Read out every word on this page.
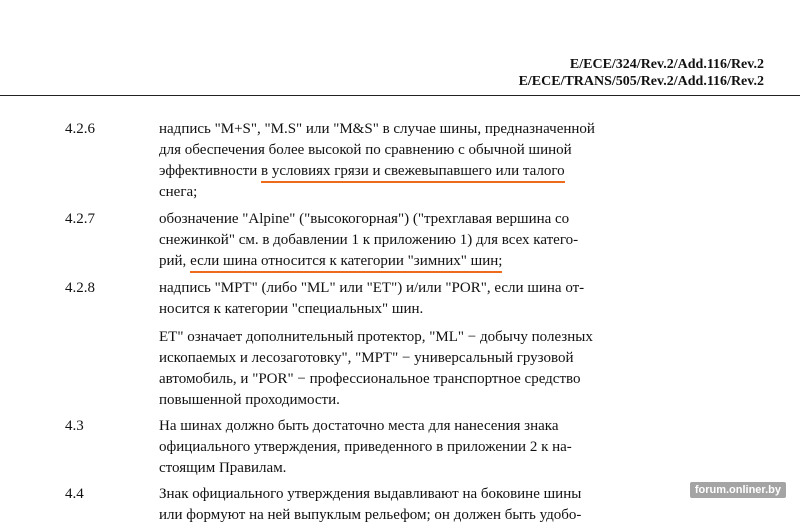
E/ECE/324/Rev.2/Add.116/Rev.2
E/ECE/TRANS/505/Rev.2/Add.116/Rev.2
4.2.6	надпись "M+S", "M.S" или "M&S" в случае шины, предназначенной
для обеспечения более высокой по сравнению с обычной шиной
эффективности в условиях грязи и свежевыпавшего или талого
снега;
4.2.7	обозначение "Alpine" ("высокогорная") ("трехглавая вершина со
снежинкой" см. в добавлении 1 к приложению 1) для всех катего-
рий, если шина относится к категории "зимних" шин;
4.2.8	надпись "MPT" (либо "ML" или "ET") и/или "POR", если шина от-
носится к категории "специальных" шин.
ET" означает дополнительный протектор, "ML" − добычу полезных
ископаемых и лесозаготовку", "MPT" − универсальный грузовой
автомобиль, и "POR" − профессиональное транспортное средство
повышенной проходимости.
4.3	На шинах должно быть достаточно места для нанесения знака
официального утверждения, приведенного в приложении 2 к на-
стоящим Правилам.
4.4	Знак официального утверждения выдавливают на боковине шины
или формуют на ней выпуклым рельефом; он должен быть удобо-
forum.onliner.by
